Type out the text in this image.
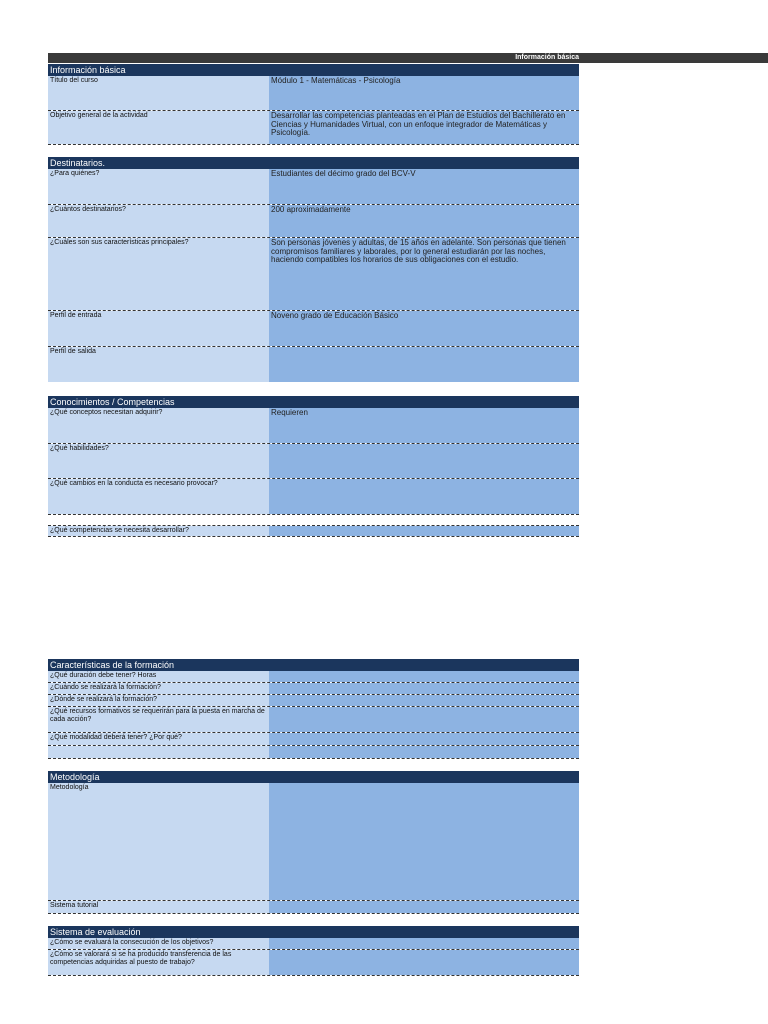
Información básica
Información básica
Título del curso	Módulo 1 - Matemáticas - Psicología
Objetivo general de la actividad	Desarrollar las competencias planteadas en el Plan de Estudios del Bachillerato en Ciencias y Humanidades Virtual, con un enfoque integrador de Matemáticas y Psicología.
Destinatarios.
¿Para quiénes?	Estudiantes del décimo grado del BCV-V
¿Cuántos destinatarios?	200 aproximadamente
¿Cuáles son sus características principales?	Son personas jóvenes y adultas, de 15 años en adelante. Son personas que tienen compromisos familiares y laborales, por lo general estudiarán por las noches, haciendo compatibles los horarios de sus obligaciones con el estudio.
Perfil de entrada	Noveno grado de Educación Básico
Perfil de salida
Conocimientos / Competencias
¿Qué conceptos necesitan adquirir?	Requieren
¿Qué habilidades?
¿Qué cambios en la conducta es necesario provocar?
¿Qué competencias se necesita desarrollar?
Características de la formación
¿Qué duración debe tener? Horas
¿Cuándo se realizará la formación?
¿Dónde se realizará la formación?
¿Qué recursos formativos se requerirán para la puesta en marcha de cada acción?
¿Qué modalidad deberá tener? ¿Por qué?
Metodología
Metodología
Sistema tutorial
Sistema de evaluación
¿Cómo se evaluará la consecución de los objetivos?
¿Cómo se valorará si se ha producido transferencia de las competencias adquiridas al puesto de trabajo?
